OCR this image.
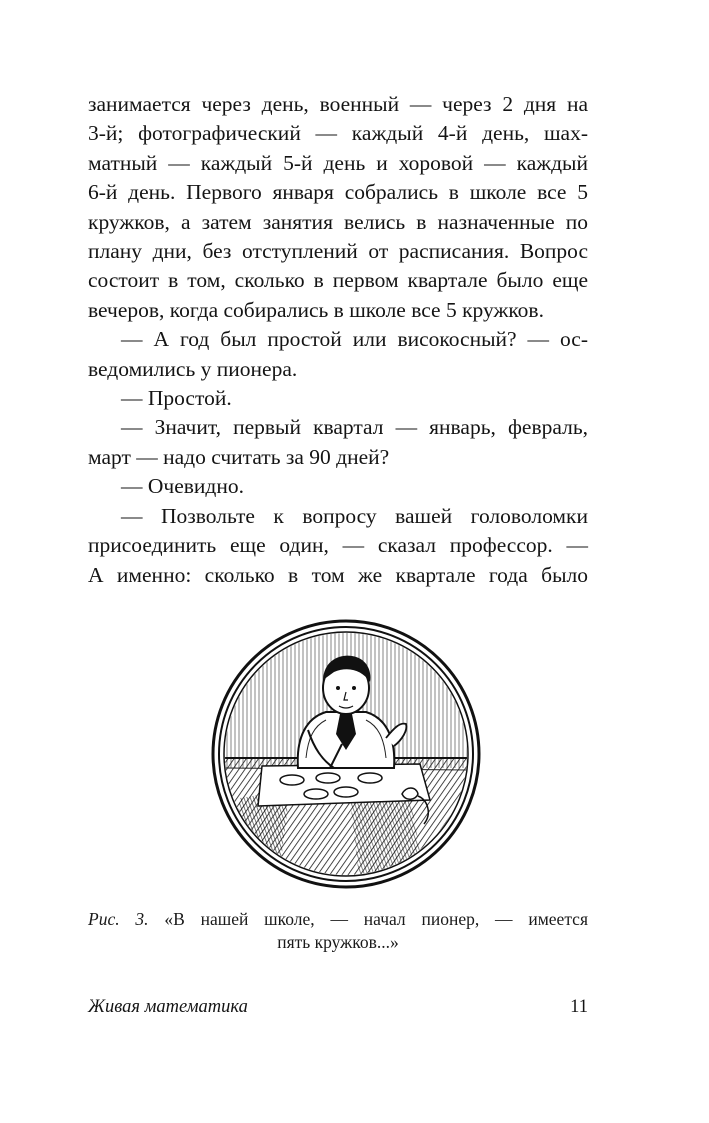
занимается через день, военный — через 2 дня на
3-й; фотографический — каждый 4-й день, шах-
матный — каждый 5-й день и хоровой — каждый
6-й день. Первого января собрались в школе все 5
кружков, а затем занятия велись в назначенные по
плану дни, без отступлений от расписания. Вопрос
состоит в том, сколько в первом квартале было еще
вечеров, когда собирались в школе все 5 кружков.
— А год был простой или високосный? — ос-
ведомились у пионера.
— Простой.
— Значит, первый квартал — январь, февраль,
март — надо считать за 90 дней?
— Очевидно.
— Позвольте к вопросу вашей головоломки
присоединить еще один, — сказал профессор. —
А именно: сколько в том же квартале года было
Рис. 3. «В нашей школе, — начал пионер, — имеется
пять кружков...»
Живая математика	11
